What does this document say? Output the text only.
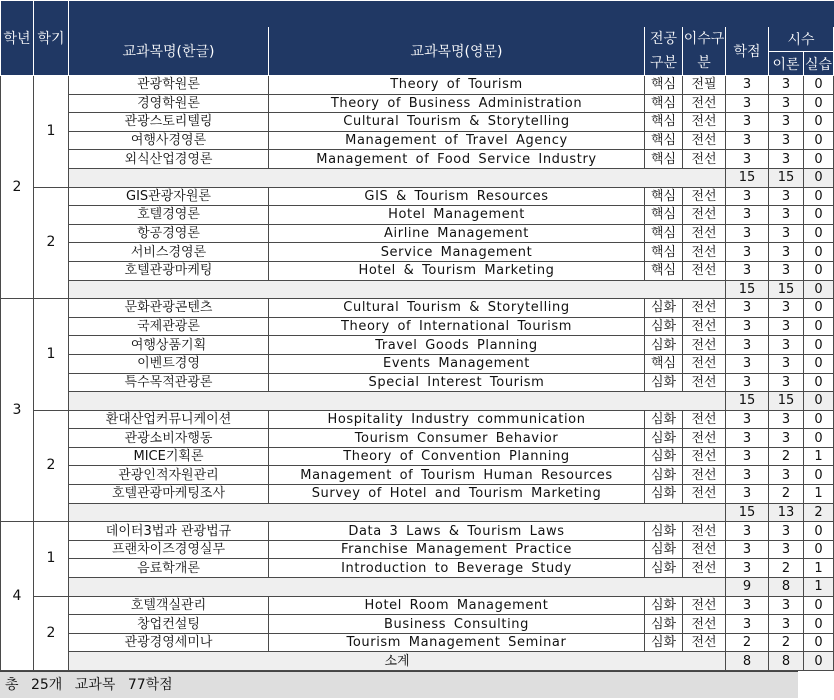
학년	학기							
		교과목명(한글)	교과목명(영문)	전공구분	이수구분	학점	시수	
							이론	실습
2	1	관광학원론	Theory of Tourism	핵심	전필	3	3	0
		경영학원론	Theory of Business Administration	핵심	전선	3	3	0
		관광스토리텔링	Cultural Tourism & Storytelling	핵심	전선	3	3	0
		여행사경영론	Management of Travel Agency	핵심	전선	3	3	0
		외식산업경영론	Management of Food Service Industry	핵심	전선	3	3	0
						15	15	0
	2	GIS관광자원론	GIS & Tourism Resources	핵심	전선	3	3	0
		호텔경영론	Hotel Management	핵심	전선	3	3	0
		항공경영론	Airline Management	핵심	전선	3	3	0
		서비스경영론	Service Management	핵심	전선	3	3	0
		호텔관광마케팅	Hotel & Tourism Marketing	핵심	전선	3	3	0
						15	15	0
3	1	문화관광콘텐츠	Cultural Tourism & Storytelling	심화	전선	3	3	0
		국제관광론	Theory of International Tourism	심화	전선	3	3	0
		여행상품기획	Travel Goods Planning	심화	전선	3	3	0
		이벤트경영	Events Management	핵심	전선	3	3	0
		특수목적관광론	Special Interest Tourism	심화	전선	3	3	0
						15	15	0
	2	환대산업커뮤니케이션	Hospitality Industry communication	심화	전선	3	3	0
		관광소비자행동	Tourism Consumer Behavior	심화	전선	3	3	0
		MICE기획론	Theory of Convention Planning	심화	전선	3	2	1
		관광인적자원관리	Management of Tourism Human Resources	심화	전선	3	3	0
		호텔관광마케팅조사	Survey of Hotel and Tourism Marketing	심화	전선	3	2	1
						15	13	2
4	1	데이터3법과 관광법규	Data 3 Laws & Tourism Laws	심화	전선	3	3	0
		프랜차이즈경영실무	Franchise Management Practice	심화	전선	3	3	0
		음료학개론	Introduction to Beverage Study	심화	전선	3	2	1
						9	8	1
	2	호텔객실관리	Hotel Room Management	심화	전선	3	3	0
		창업컨설팅	Business Consulting	심화	전선	3	3	0
		관광경영세미나	Tourism Management Seminar	심화	전선	2	2	0
		소계				8	8	0
총 25개 교과목 77학점
